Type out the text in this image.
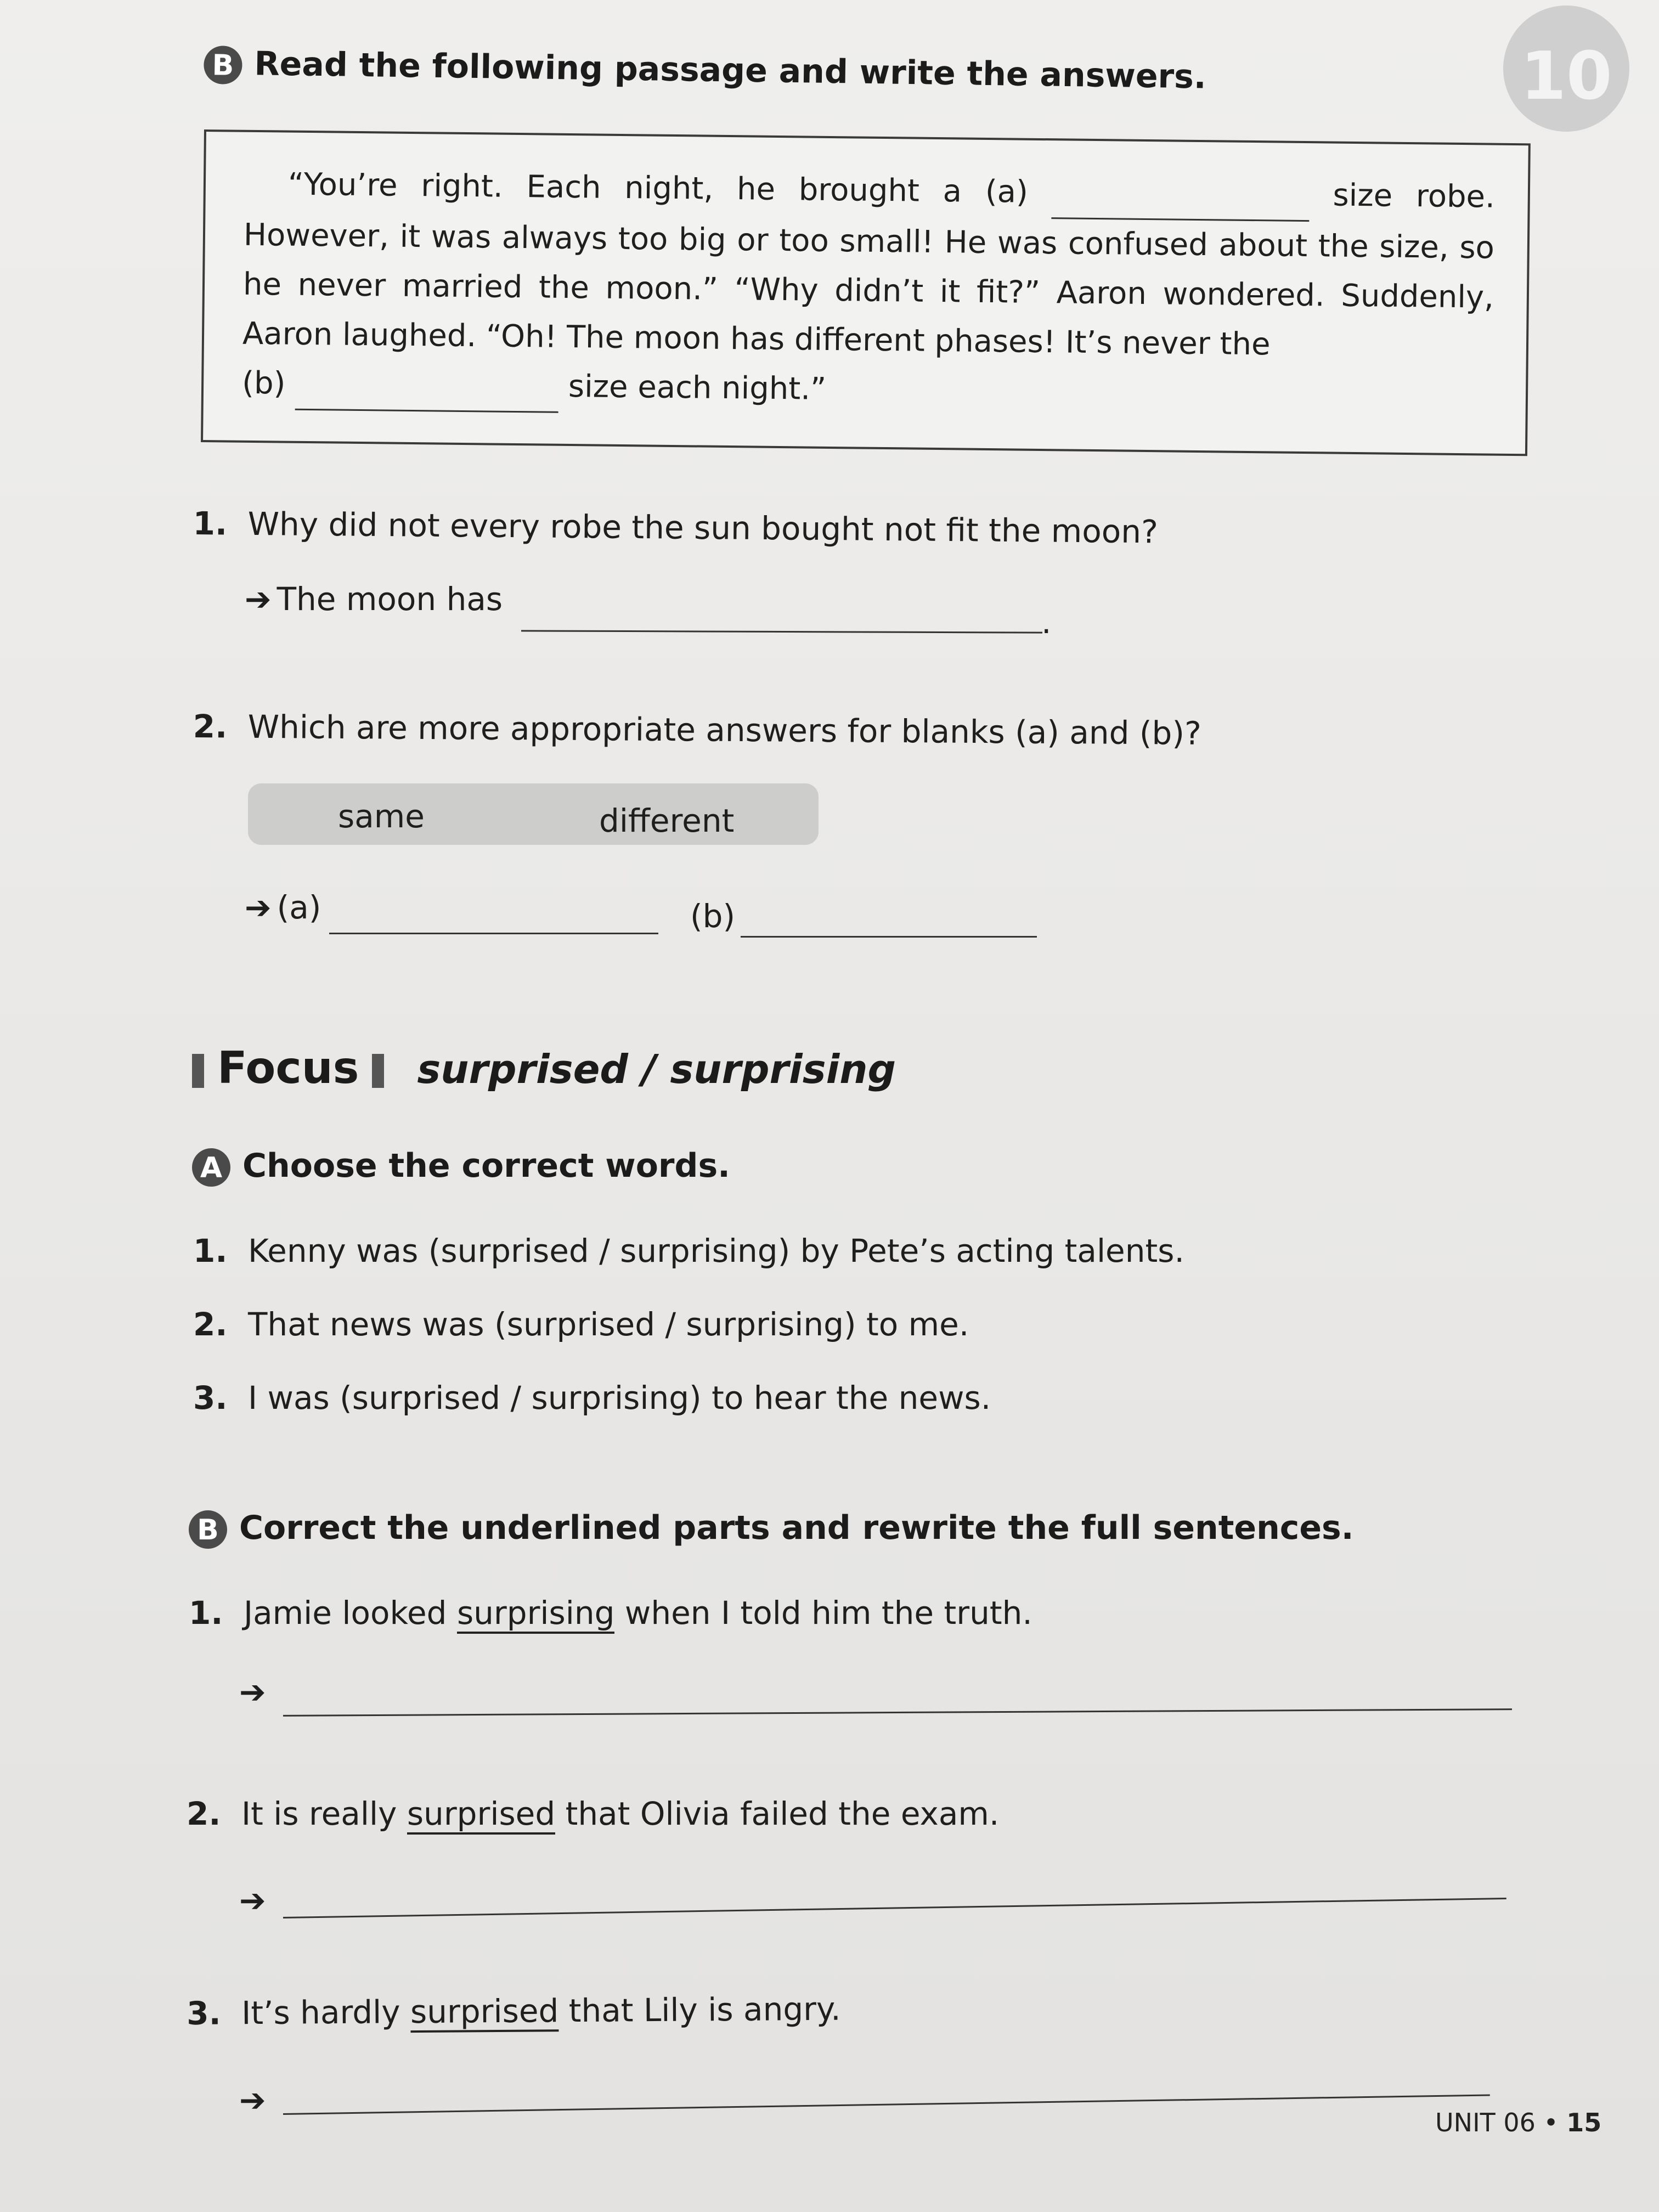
10
B Read the following passage and write the answers.

“You’re right. Each night, he brought a (a)	size robe. However, it was always too big or too small! He was confused about the size, so he never married the moon.” “Why didn’t it fit?” Aaron wondered. Suddenly, Aaron laughed. “Oh! The moon has different phases! It’s never the

(b)	size each night.”

1. Why did not every robe the sun bought not fit the moon?
➔ The moon has
.
2. Which are more appropriate answers for blanks (a) and (b)?
same	different
➔ (a)	(b)
Focus surprised / surprising
A Choose the correct words.
1. Kenny was (surprised / surprising) by Pete’s acting talents.
2. That news was (surprised / surprising) to me.
3. I was (surprised / surprising) to hear the news.
B Correct the underlined parts and rewrite the full sentences.
1. Jamie looked surprising when I told him the truth.
➔
2. It is really surprised that Olivia failed the exam.
➔
3. It’s hardly surprised that Lily is angry.
➔
UNIT 06 • 15
